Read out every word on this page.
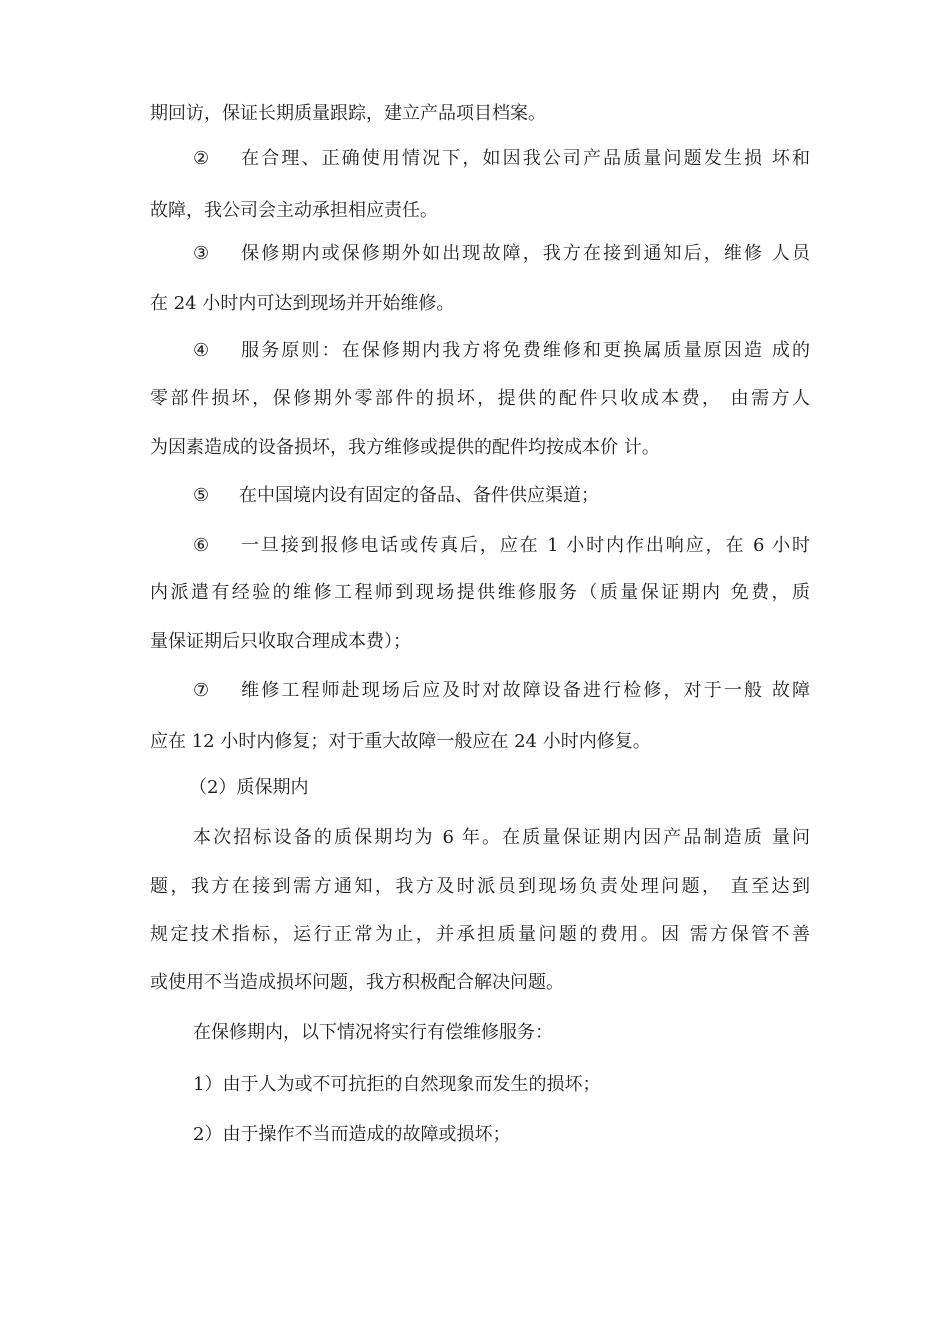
期回访，保证长期质量跟踪，建立产品项目档案。
② 在合理、正确使用情况下，如因我公司产品质量问题发生损 坏和
故障，我公司会主动承担相应责任。
③ 保修期内或保修期外如出现故障，我方在接到通知后，维修 人员
在 24 小时内可达到现场并开始维修。
④ 服务原则：在保修期内我方将免费维修和更换属质量原因造 成的
零部件损坏，保修期外零部件的损坏，提供的配件只收成本费， 由需方人
为因素造成的设备损坏，我方维修或提供的配件均按成本价 计。
⑤ 在中国境内设有固定的备品、备件供应渠道；
⑥ 一旦接到报修电话或传真后，应在 1 小时内作出响应，在 6 小时
内派遣有经验的维修工程师到现场提供维修服务（质量保证期内 免费，质
量保证期后只收取合理成本费）；
⑦ 维修工程师赴现场后应及时对故障设备进行检修，对于一般 故障
应在 12 小时内修复；对于重大故障一般应在 24 小时内修复。
（2）质保期内
本次招标设备的质保期均为 6 年。在质量保证期内因产品制造质 量问
题，我方在接到需方通知，我方及时派员到现场负责处理问题， 直至达到
规定技术指标，运行正常为止，并承担质量问题的费用。因 需方保管不善
或使用不当造成损坏问题，我方积极配合解决问题。
在保修期内，以下情况将实行有偿维修服务：
1）由于人为或不可抗拒的自然现象而发生的损坏；
2）由于操作不当而造成的故障或损坏；
